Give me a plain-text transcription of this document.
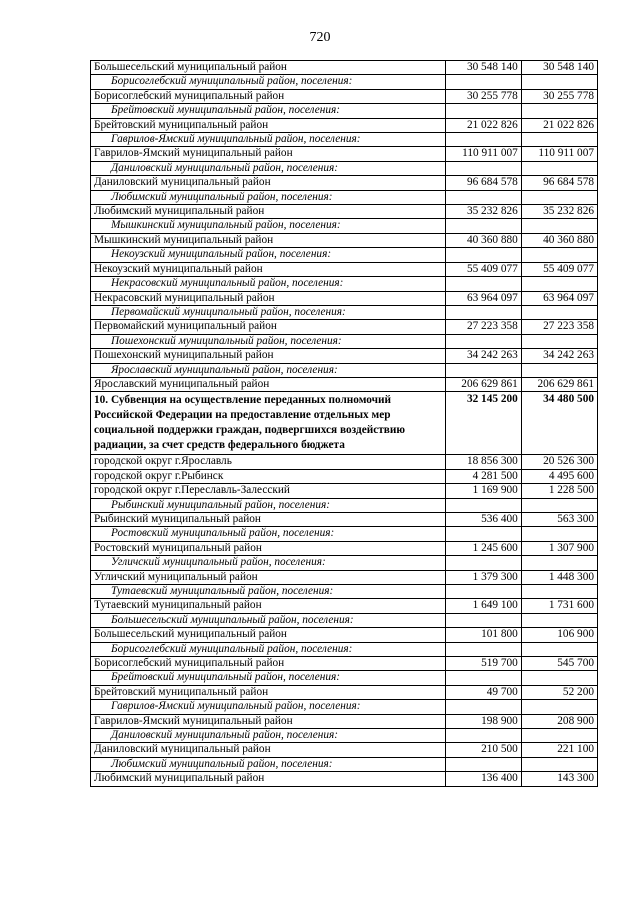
720
Большесельский муниципальный район	30 548 140	30 548 140
Борисоглебский муниципальный район, поселения:		
Борисоглебский муниципальный район	30 255 778	30 255 778
Брейтовский муниципальный район, поселения:		
Брейтовский муниципальный район	21 022 826	21 022 826
Гаврилов-Ямский муниципальный район, поселения:		
Гаврилов-Ямский муниципальный район	110 911 007	110 911 007
Даниловский муниципальный район, поселения:		
Даниловский муниципальный район	96 684 578	96 684 578
Любимский муниципальный район, поселения:		
Любимский муниципальный район	35 232 826	35 232 826
Мышкинский муниципальный район, поселения:		
Мышкинский муниципальный район	40 360 880	40 360 880
Некоузский муниципальный район, поселения:		
Некоузский муниципальный район	55 409 077	55 409 077
Некрасовский муниципальный район, поселения:		
Некрасовский муниципальный район	63 964 097	63 964 097
Первомайский муниципальный район, поселения:		
Первомайский муниципальный район	27 223 358	27 223 358
Пошехонский муниципальный район, поселения:		
Пошехонский муниципальный район	34 242 263	34 242 263
Ярославский муниципальный район, поселения:		
Ярославский муниципальный район	206 629 861	206 629 861
10. Субвенция на осуществление переданных полномочий Российской Федерации на предоставление отдельных мер социальной поддержки граждан, подвергшихся воздействию радиации, за счет средств федерального бюджета	32 145 200	34 480 500
городской округ г.Ярославль	18 856 300	20 526 300
городской округ г.Рыбинск	4 281 500	4 495 600
городской округ г.Переславль-Залесский	1 169 900	1 228 500
Рыбинский муниципальный район, поселения:		
Рыбинский муниципальный район	536 400	563 300
Ростовский муниципальный район, поселения:		
Ростовский муниципальный район	1 245 600	1 307 900
Угличский муниципальный район, поселения:		
Угличский муниципальный район	1 379 300	1 448 300
Тутаевский муниципальный район, поселения:		
Тутаевский муниципальный район	1 649 100	1 731 600
Большесельский муниципальный район, поселения:		
Большесельский муниципальный район	101 800	106 900
Борисоглебский муниципальный район, поселения:		
Борисоглебский муниципальный район	519 700	545 700
Брейтовский муниципальный район, поселения:		
Брейтовский муниципальный район	49 700	52 200
Гаврилов-Ямский муниципальный район, поселения:		
Гаврилов-Ямский муниципальный район	198 900	208 900
Даниловский муниципальный район, поселения:		
Даниловский муниципальный район	210 500	221 100
Любимский муниципальный район, поселения:		
Любимский муниципальный район	136 400	143 300
